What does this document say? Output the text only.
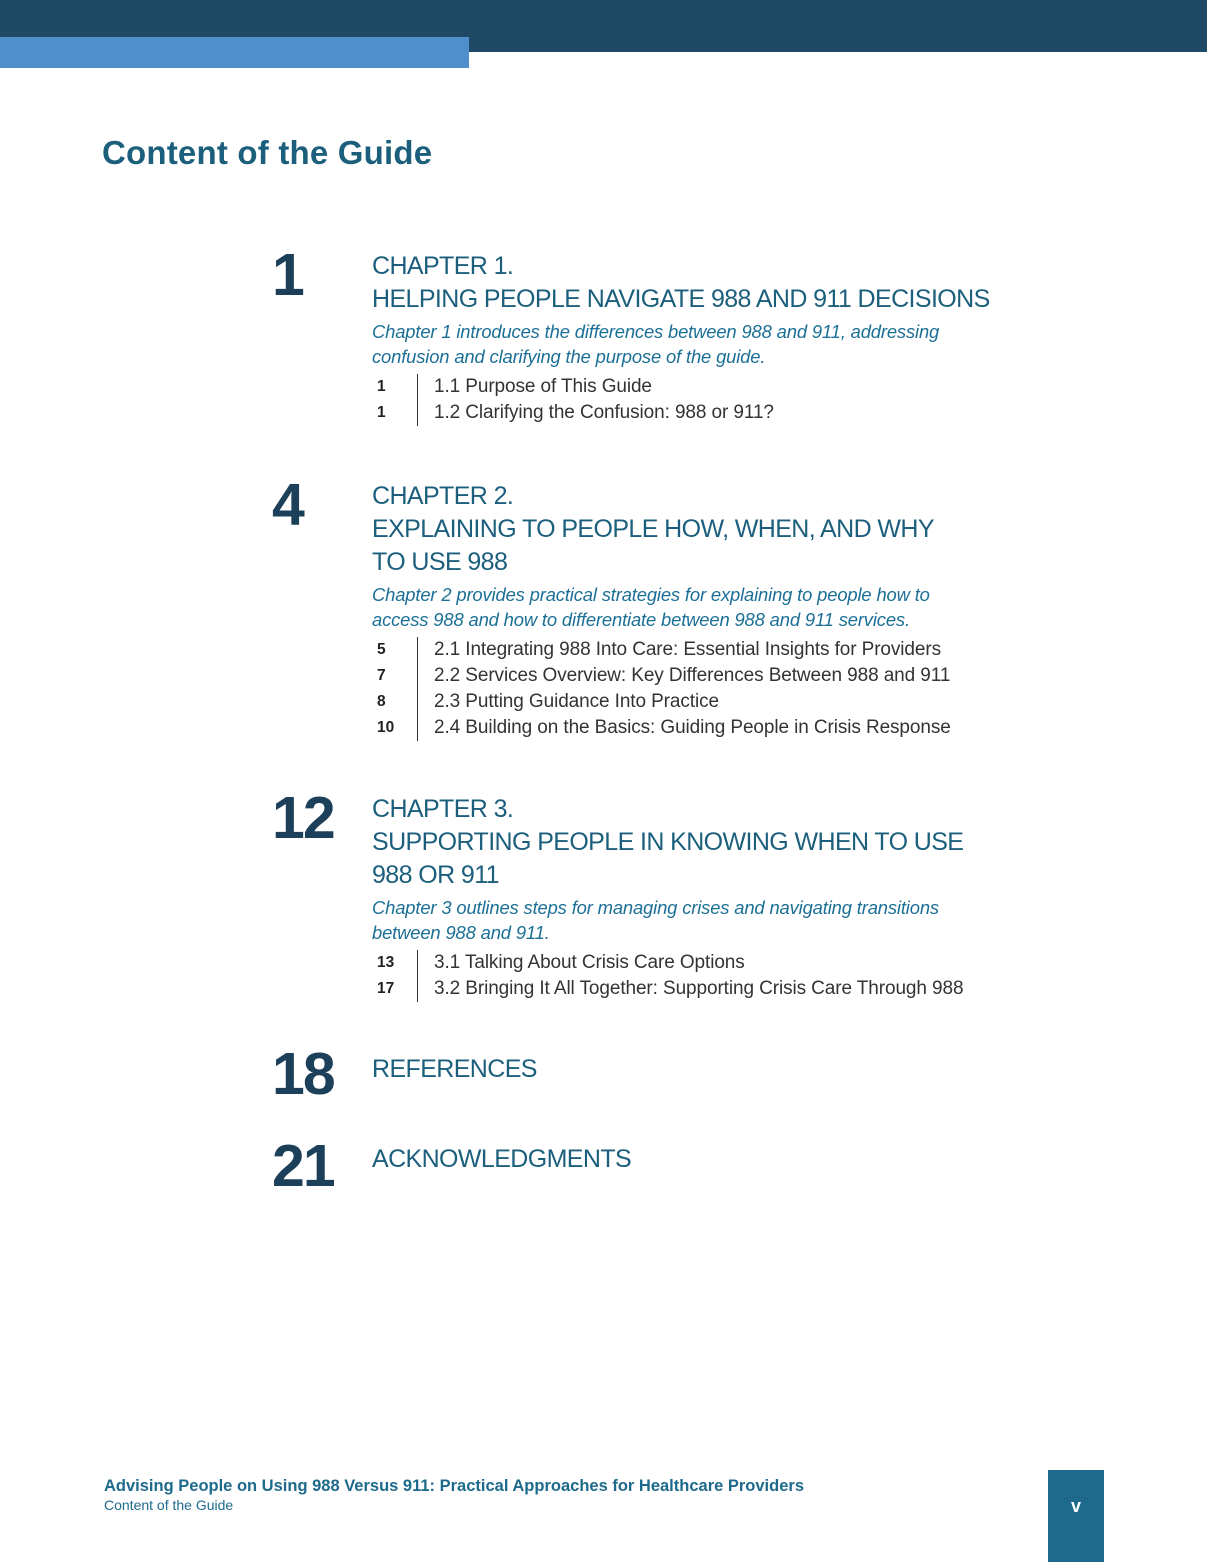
Content of the Guide
1	CHAPTER 1.
HELPING PEOPLE NAVIGATE 988 AND 911 DECISIONS
Chapter 1 introduces the differences between 988 and 911, addressing
confusion and clarifying the purpose of the guide.
1	1.1 Purpose of This Guide
1	1.2 Clarifying the Confusion: 988 or 911?
4	CHAPTER 2.
EXPLAINING TO PEOPLE HOW, WHEN, AND WHY
TO USE 988
Chapter 2 provides practical strategies for explaining to people how to
access 988 and how to differentiate between 988 and 911 services.
5	2.1 Integrating 988 Into Care: Essential Insights for Providers
7	2.2 Services Overview: Key Differences Between 988 and 911
8	2.3 Putting Guidance Into Practice
10	2.4 Building on the Basics: Guiding People in Crisis Response
12 CHAPTER 3.
SUPPORTING PEOPLE IN KNOWING WHEN TO USE
988 OR 911
Chapter 3 outlines steps for managing crises and navigating transitions
between 988 and 911.
13	3.1 Talking About Crisis Care Options
17	3.2 Bringing It All Together: Supporting Crisis Care Through 988
18 REFERENCES
21 ACKNOWLEDGMENTS
Advising People on Using 988 Versus 911: Practical Approaches for Healthcare Providers
Content of the Guide	v
